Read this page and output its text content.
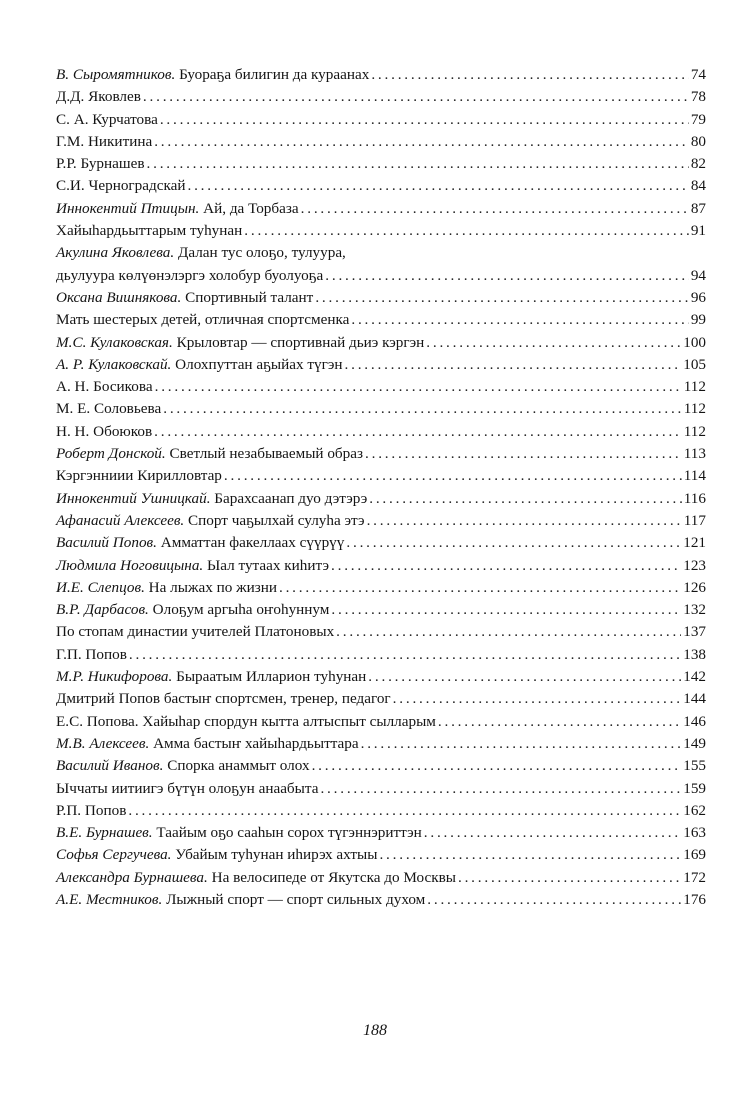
В. Сыромятников. Буораҕа билигин да кураанах . . .	74
Д.Д. Яковлев . . .	78
С. А. Курчатова . . .	79
Г.М. Никитина . . .	80
Р.Р. Бурнашев . . .	82
С.И. Черноградскай . . .	84
Иннокентий Птицын. Ай, да Торбаза . . .	87
Хайыһардьыттарым туһунан . . .	91
Акулина Яковлева. Далан тус олоҕо, тулуура,
дьулуура көлүөнэлэргэ холобур буолуоҕа . . .	94
Оксана Вишнякова. Спортивный талант . . .	96
Мать шестерых детей, отличная спортсменка . . .	99
М.С. Кулаковская. Крыловтар — спортивнай дьиэ кэргэн . . .	100
А. Р. Кулаковскай. Олохпуттан аҕыйах түгэн . . .	105
А. Н. Босикова . . .	112
М. Е. Соловьева . . .	112
Н. Н. Обоюков . . .	112
Роберт Донской. Светлый незабываемый образ . . .	113
Кэргэнниии Кирилловтар . . .	114
Иннокентий Ушницкай. Барахсаанап дуо дэтэрэ . . .	116
Афанасий Алексеев. Спорт чаҕылхай сулуһа этэ . . .	117
Василий Попов. Амматтан факеллаах сүүрүү . . .	121
Людмила Ноговицына. Ыал тутаах киһитэ . . .	123
И.Е. Слепцов. На лыжах по жизни . . .	126
В.Р. Дарбасов. Олоҕум аргыһа оҥоһуннум . . .	132
По стопам династии учителей Платоновых . . .	137
Г.П. Попов . . .	138
М.Р. Никифорова. Быраатым Илларион туһунан . . .	142
Дмитрий Попов бастыҥ спортсмен, тренер, педагог . . .	144
Е.С. Попова. Хайыһар спордун кытта алтыспыт сылларым . . .	146
М.В. Алексеев. Амма бастыҥ хайыһардьыттара . . .	149
Василий Иванов. Спорка анаммыт олох . . .	155
Ыччаты иитиигэ бүтүн олоҕун анаабыта . . .	159
Р.П. Попов . . .	162
В.Е. Бурнашев. Таайым оҕо сааһын сорох түгэннэриттэн . . .	163
Софья Сергучева. Убайым туһунан иһирэх ахтыы . . .	169
Александра Бурнашева. На велосипеде от Якутска до Москвы . . .	172
А.Е. Местников. Лыжный спорт — спорт сильных духом . . .	176
188
